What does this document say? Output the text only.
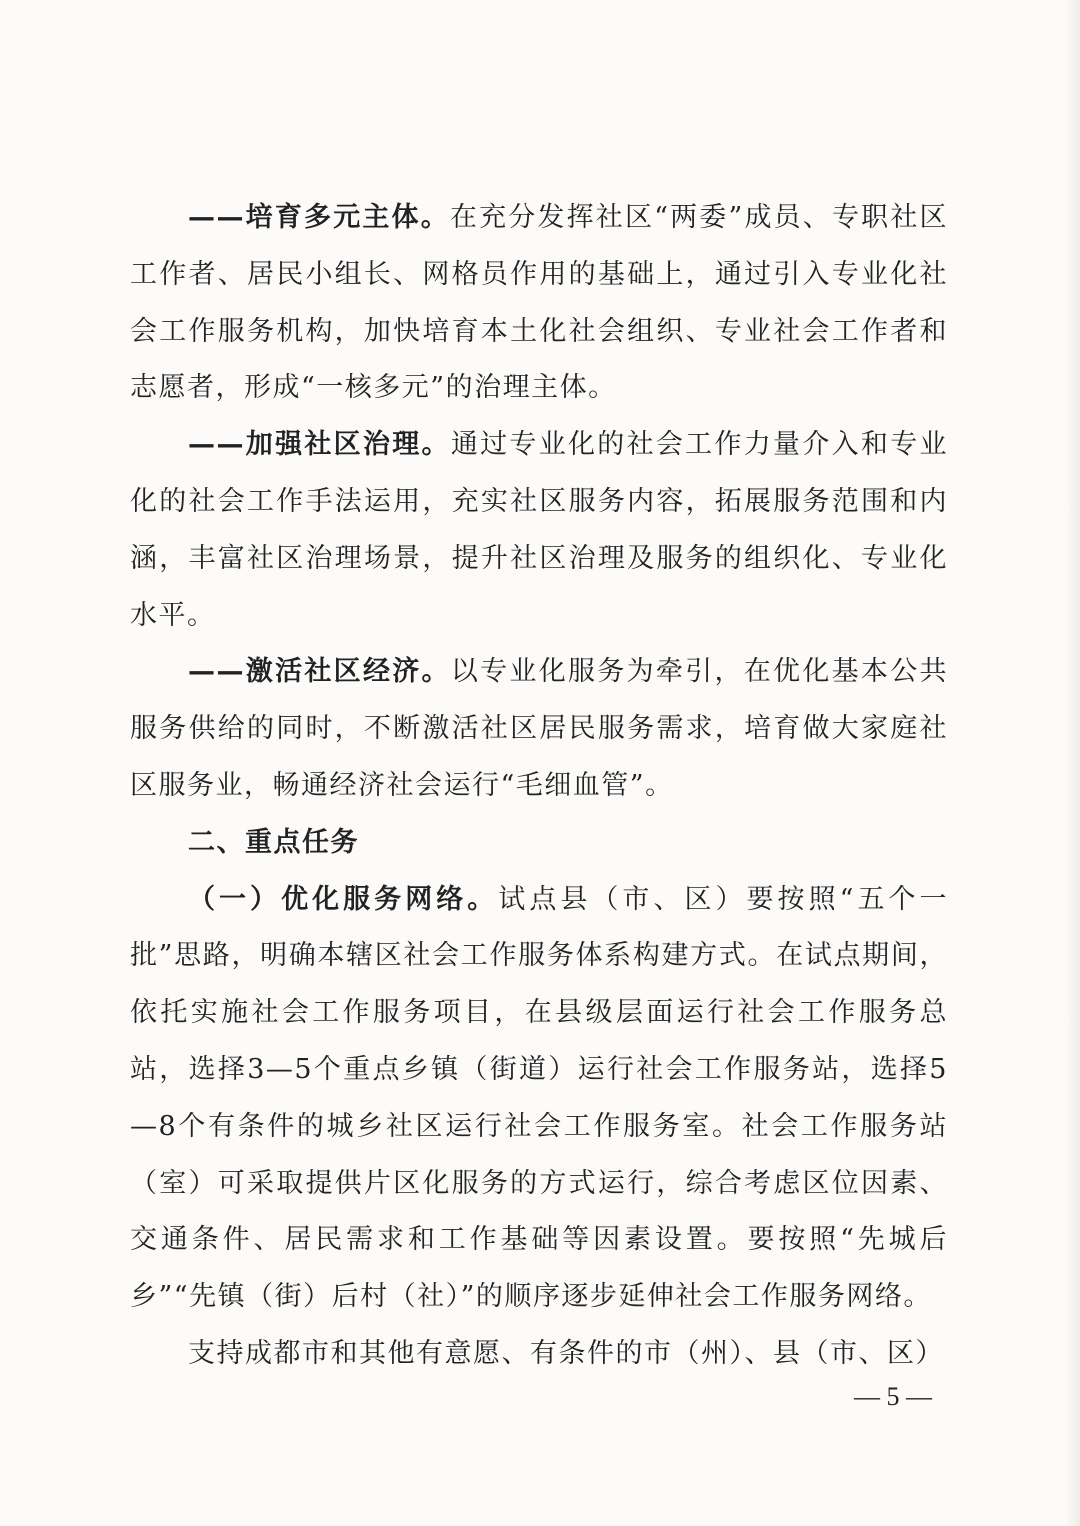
——培育多元主体。在充分发挥社区“两委”成员、专职社区工作者、居民小组长、网格员作用的基础上，通过引入专业化社会工作服务机构，加快培育本土化社会组织、专业社会工作者和志愿者，形成“一核多元”的治理主体。

——加强社区治理。通过专业化的社会工作力量介入和专业化的社会工作手法运用，充实社区服务内容，拓展服务范围和内涵，丰富社区治理场景，提升社区治理及服务的组织化、专业化水平。

——激活社区经济。以专业化服务为牵引，在优化基本公共服务供给的同时，不断激活社区居民服务需求，培育做大家庭社区服务业，畅通经济社会运行“毛细血管”。

二、重点任务

（一）优化服务网络。试点县（市、区）要按照“五个一批”思路，明确本辖区社会工作服务体系构建方式。在试点期间，依托实施社会工作服务项目，在县级层面运行社会工作服务总站，选择3—5个重点乡镇（街道）运行社会工作服务站，选择5—8个有条件的城乡社区运行社会工作服务室。社会工作服务站（室）可采取提供片区化服务的方式运行，综合考虑区位因素、交通条件、居民需求和工作基础等因素设置。要按照“先城后乡”“先镇（街）后村（社）”的顺序逐步延伸社会工作服务网络。

支持成都市和其他有意愿、有条件的市（州）、县（市、区）

— 5 —
